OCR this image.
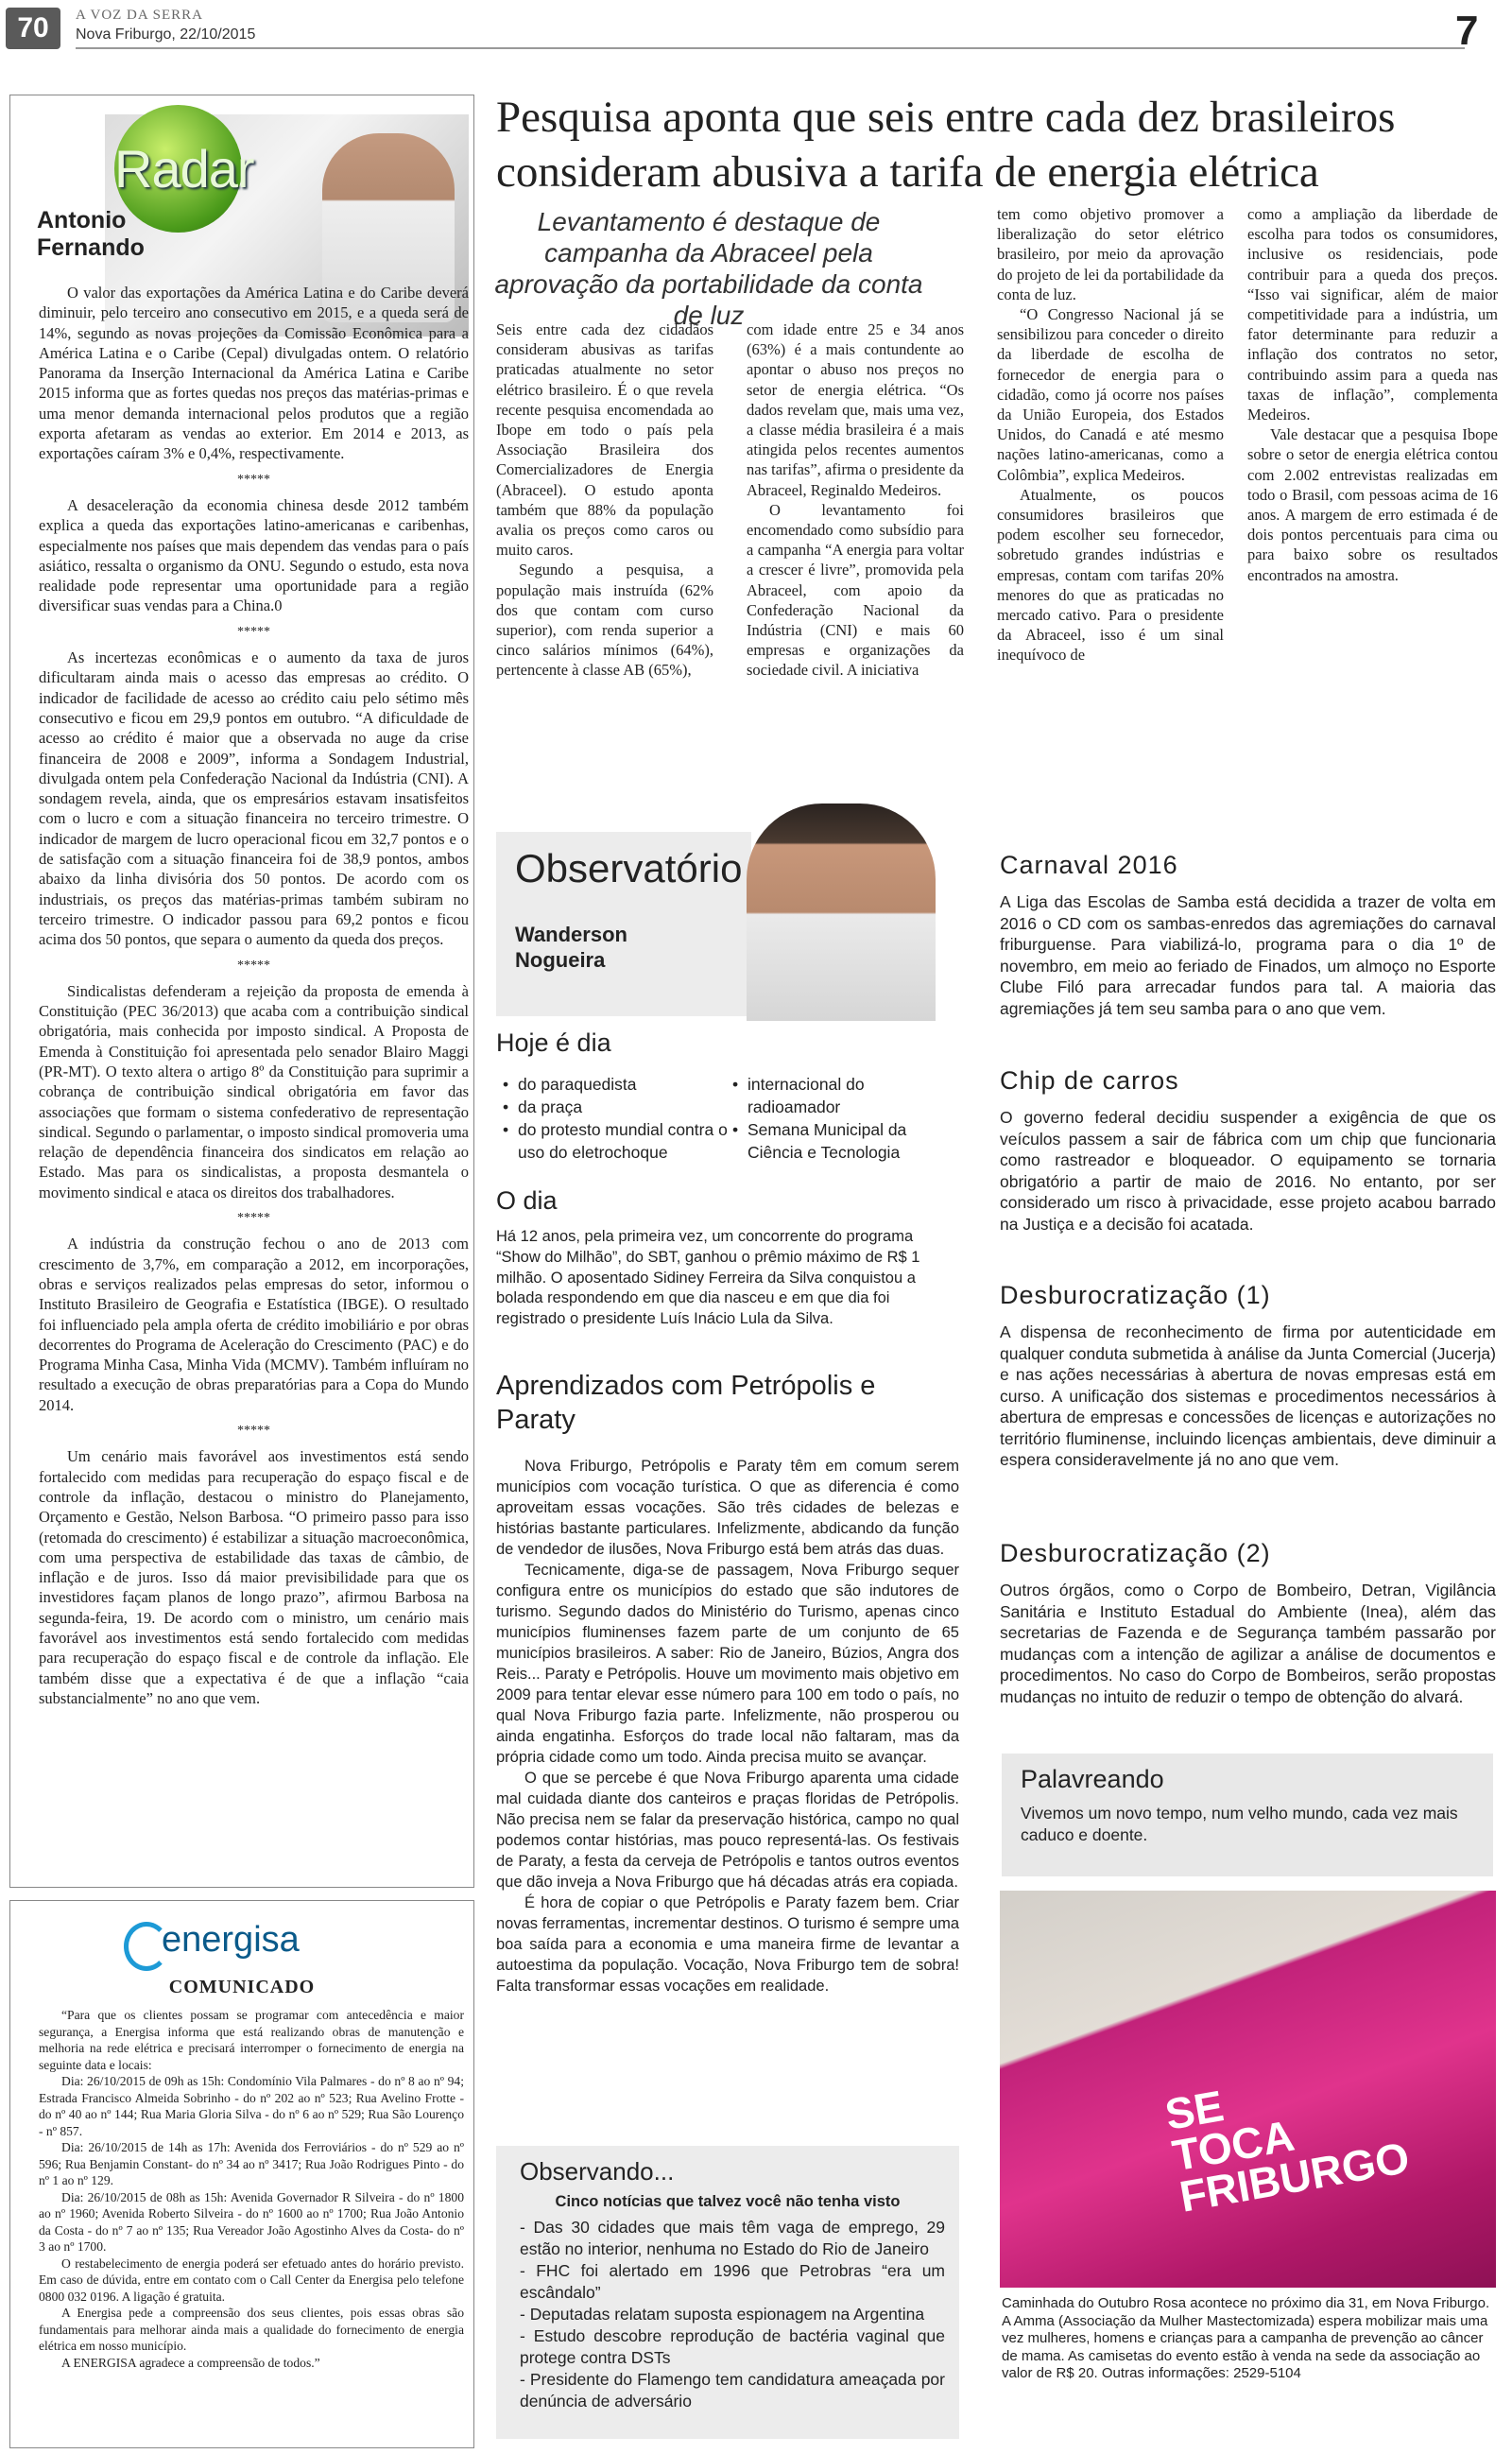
70	A VOZ DA SERRA
Nova Friburgo, 22/10/2015	7
Radar
Antonio Fernando

O valor das exportações da América Latina e do Caribe deverá diminuir, pelo terceiro ano consecutivo em 2015, e a queda será de 14%, segundo as novas projeções da Comissão Econômica para a América Latina e o Caribe (Cepal) divulgadas ontem. O relatório Panorama da Inserção Internacional da América Latina e Caribe 2015 informa que as fortes quedas nos preços das matérias-primas e uma menor demanda internacional pelos produtos que a região exporta afetaram as vendas ao exterior. Em 2014 e 2013, as exportações caíram 3% e 0,4%, respectivamente.

*****

A desaceleração da economia chinesa desde 2012 também explica a queda das exportações latino-americanas e caribenhas, especialmente nos países que mais dependem das vendas para o país asiático, ressalta o organismo da ONU. Segundo o estudo, esta nova realidade pode representar uma oportunidade para a região diversificar suas vendas para a China.0

*****

As incertezas econômicas e o aumento da taxa de juros dificultaram ainda mais o acesso das empresas ao crédito. O indicador de facilidade de acesso ao crédito caiu pelo sétimo mês consecutivo e ficou em 29,9 pontos em outubro. “A dificuldade de acesso ao crédito é maior que a observada no auge da crise financeira de 2008 e 2009”, informa a Sondagem Industrial, divulgada ontem pela Confederação Nacional da Indústria (CNI). A sondagem revela, ainda, que os empresários estavam insatisfeitos com o lucro e com a situação financeira no terceiro trimestre. O indicador de margem de lucro operacional ficou em 32,7 pontos e o de satisfação com a situação financeira foi de 38,9 pontos, ambos abaixo da linha divisória dos 50 pontos. De acordo com os industriais, os preços das matérias-primas também subiram no terceiro trimestre. O indicador passou para 69,2 pontos e ficou acima dos 50 pontos, que separa o aumento da queda dos preços.

*****

Sindicalistas defenderam a rejeição da proposta de emenda à Constituição (PEC 36/2013) que acaba com a contribuição sindical obrigatória, mais conhecida por imposto sindical. A Proposta de Emenda à Constituição foi apresentada pelo senador Blairo Maggi (PR-MT). O texto altera o artigo 8º da Constituição para suprimir a cobrança de contribuição sindical obrigatória em favor das associações que formam o sistema confederativo de representação sindical. Segundo o parlamentar, o imposto sindical promoveria uma relação de dependência financeira dos sindicatos em relação ao Estado. Mas para os sindicalistas, a proposta desmantela o movimento sindical e ataca os direitos dos trabalhadores.

*****

A indústria da construção fechou o ano de 2013 com crescimento de 3,7%, em comparação a 2012, em incorporações, obras e serviços realizados pelas empresas do setor, informou o Instituto Brasileiro de Geografia e Estatística (IBGE). O resultado foi influenciado pela ampla oferta de crédito imobiliário e por obras decorrentes do Programa de Aceleração do Crescimento (PAC) e do Programa Minha Casa, Minha Vida (MCMV). Também influíram no resultado a execução de obras preparatórias para a Copa do Mundo 2014.

*****

Um cenário mais favorável aos investimentos está sendo fortalecido com medidas para recuperação do espaço fiscal e de controle da inflação, destacou o ministro do Planejamento, Orçamento e Gestão, Nelson Barbosa. “O primeiro passo para isso (retomada do crescimento) é estabilizar a situação macroeconômica, com uma perspectiva de estabilidade das taxas de câmbio, de inflação e de juros. Isso dá maior previsibilidade para que os investidores façam planos de longo prazo”, afirmou Barbosa na segunda-feira, 19. De acordo com o ministro, um cenário mais favorável aos investimentos está sendo fortalecido com medidas para recuperação do espaço fiscal e de controle da inflação. Ele também disse que a expectativa é de que a inflação “caia substancialmente” no ano que vem.

energisa
COMUNICADO

“Para que os clientes possam se programar com antecedência e maior segurança, a Energisa informa que está realizando obras de manutenção e melhoria na rede elétrica e precisará interromper o fornecimento de energia na seguinte data e locais:

Dia: 26/10/2015 de 09h as 15h: Condomínio Vila Palmares - do nº 8 ao nº 94; Estrada Francisco Almeida Sobrinho - do nº 202 ao nº 523; Rua Avelino Frotte - do nº 40 ao nº 144; Rua Maria Gloria Silva - do nº 6 ao nº 529; Rua São Lourenço - nº 857.

Dia: 26/10/2015 de 14h as 17h: Avenida dos Ferroviários - do nº 529 ao nº 596; Rua Benjamin Constant- do nº 34 ao nº 3417; Rua João Rodrigues Pinto - do nº 1 ao nº 129.

Dia: 26/10/2015 de 08h as 15h: Avenida Governador R Silveira - do nº 1800 ao nº 1960; Avenida Roberto Silveira - do nº 1600 ao nº 1700; Rua João Antonio da Costa - do nº 7 ao nº 135; Rua Vereador João Agostinho Alves da Costa- do nº 3 ao nº 1700.

O restabelecimento de energia poderá ser efetuado antes do horário previsto. Em caso de dúvida, entre em contato com o Call Center da Energisa pelo telefone 0800 032 0196. A ligação é gratuita.

A Energisa pede a compreensão dos seus clientes, pois essas obras são fundamentais para melhorar ainda mais a qualidade do fornecimento de energia elétrica em nosso município.

A ENERGISA agradece a compreensão de todos.”

Pesquisa aponta que seis entre cada dez brasileiros consideram abusiva a tarifa de energia elétrica
Levantamento é destaque de campanha da Abraceel pela aprovação da portabilidade da conta de luz

Seis entre cada dez cidadãos consideram abusivas as tarifas praticadas atualmente no setor elétrico brasileiro. É o que revela recente pesquisa encomendada ao Ibope em todo o país pela Associação Brasileira dos Comercializadores de Energia (Abraceel). O estudo aponta também que 88% da população avalia os preços como caros ou muito caros.

Segundo a pesquisa, a população mais instruída (62% dos que contam com curso superior), com renda superior a cinco salários mínimos (64%), pertencente à classe AB (65%),

com idade entre 25 e 34 anos (63%) é a mais contundente ao apontar o abuso nos preços no setor de energia elétrica. “Os dados revelam que, mais uma vez, a classe média brasileira é a mais atingida pelos recentes aumentos nas tarifas”, afirma o presidente da Abraceel, Reginaldo Medeiros.

O levantamento foi encomendado como subsídio para a campanha “A energia para voltar a crescer é livre”, promovida pela Abraceel, com apoio da Confederação Nacional da Indústria (CNI) e mais 60 empresas e organizações da sociedade civil. A iniciativa

tem como objetivo promover a liberalização do setor elétrico brasileiro, por meio da aprovação do projeto de lei da portabilidade da conta de luz.

“O Congresso Nacional já se sensibilizou para conceder o direito da liberdade de escolha de fornecedor de energia para o cidadão, como já ocorre nos países da União Europeia, dos Estados Unidos, do Canadá e até mesmo nações latino-americanas, como a Colômbia”, explica Medeiros.

Atualmente, os poucos consumidores brasileiros que podem escolher seu fornecedor, sobretudo grandes indústrias e empresas, contam com tarifas 20% menores do que as praticadas no mercado cativo. Para o presidente da Abraceel, isso é um sinal inequívoco de

como a ampliação da liberdade de escolha para todos os consumidores, inclusive os residenciais, pode contribuir para a queda dos preços. “Isso vai significar, além de maior competitividade para a indústria, um fator determinante para reduzir a inflação dos contratos no setor, contribuindo assim para a queda nas taxas de inflação”, complementa Medeiros.

Vale destacar que a pesquisa Ibope sobre o setor de energia elétrica contou com 2.002 entrevistas realizadas em todo o Brasil, com pessoas acima de 16 anos. A margem de erro estimada é de dois pontos percentuais para cima ou para baixo sobre os resultados encontrados na amostra.

Observatório
Wanderson Nogueira
Hoje é dia
• do paraquedista
• da praça
• do protesto mundial contra o uso do eletrochoque
• internacional do radioamador
• Semana Municipal da Ciência e Tecnologia
O dia
Há 12 anos, pela primeira vez, um concorrente do programa “Show do Milhão”, do SBT, ganhou o prêmio máximo de R$ 1 milhão. O aposentado Sidiney Ferreira da Silva conquistou a bolada respondendo em que dia nasceu e em que dia foi registrado o presidente Luís Inácio Lula da Silva.
Aprendizados com Petrópolis e Paraty

Nova Friburgo, Petrópolis e Paraty têm em comum serem municípios com vocação turística. O que as diferencia é como aproveitam essas vocações. São três cidades de belezas e histórias bastante particulares. Infelizmente, abdicando da função de vendedor de ilusões, Nova Friburgo está bem atrás das duas.

Tecnicamente, diga-se de passagem, Nova Friburgo sequer configura entre os municípios do estado que são indutores de turismo. Segundo dados do Ministério do Turismo, apenas cinco municípios fluminenses fazem parte de um conjunto de 65 municípios brasileiros. A saber: Rio de Janeiro, Búzios, Angra dos Reis... Paraty e Petrópolis. Houve um movimento mais objetivo em 2009 para tentar elevar esse número para 100 em todo o país, no qual Nova Friburgo fazia parte. Infelizmente, não prosperou ou ainda engatinha. Esforços do trade local não faltaram, mas da própria cidade como um todo. Ainda precisa muito se avançar.

O que se percebe é que Nova Friburgo aparenta uma cidade mal cuidada diante dos canteiros e praças floridas de Petrópolis. Não precisa nem se falar da preservação histórica, campo no qual podemos contar histórias, mas pouco representá-las. Os festivais de Paraty, a festa da cerveja de Petrópolis e tantos outros eventos que dão inveja a Nova Friburgo que há décadas atrás era copiada.

É hora de copiar o que Petrópolis e Paraty fazem bem. Criar novas ferramentas, incrementar destinos. O turismo é sempre uma boa saída para a economia e uma maneira firme de levantar a autoestima da população. Vocação, Nova Friburgo tem de sobra! Falta transformar essas vocações em realidade.

Observando...
Cinco notícias que talvez você não tenha visto
- Das 30 cidades que mais têm vaga de emprego, 29 estão no interior, nenhuma no Estado do Rio de Janeiro
- FHC foi alertado em 1996 que Petrobras “era um escândalo”
- Deputadas relatam suposta espionagem na Argentina
- Estudo descobre reprodução de bactéria vaginal que protege contra DSTs
- Presidente do Flamengo tem candidatura ameaçada por denúncia de adversário
Carnaval 2016
A Liga das Escolas de Samba está decidida a trazer de volta em 2016 o CD com os sambas-enredos das agremiações do carnaval friburguense. Para viabilizá-lo, programa para o dia 1º de novembro, em meio ao feriado de Finados, um almoço no Esporte Clube Filó para arrecadar fundos para tal. A maioria das agremiações já tem seu samba para o ano que vem.
Chip de carros
O governo federal decidiu suspender a exigência de que os veículos passem a sair de fábrica com um chip que funcionaria como rastreador e bloqueador. O equipamento se tornaria obrigatório a partir de maio de 2016. No entanto, por ser considerado um risco à privacidade, esse projeto acabou barrado na Justiça e a decisão foi acatada.
Desburocratização (1)
A dispensa de reconhecimento de firma por autenticidade em qualquer conduta submetida à análise da Junta Comercial (Jucerja) e nas ações necessárias à abertura de novas empresas está em curso. A unificação dos sistemas e procedimentos necessários à abertura de empresas e concessões de licenças e autorizações no território fluminense, incluindo licenças ambientais, deve diminuir a espera consideravelmente já no ano que vem.
Desburocratização (2)
Outros órgãos, como o Corpo de Bombeiro, Detran, Vigilância Sanitária e Instituto Estadual do Ambiente (Inea), além das secretarias de Fazenda e de Segurança também passarão por mudanças com a intenção de agilizar a análise de documentos e procedimentos. No caso do Corpo de Bombeiros, serão propostas mudanças no intuito de reduzir o tempo de obtenção do alvará.
Palavreando
Vivemos um novo tempo, num velho mundo, cada vez mais caduco e doente.
SE TOCA FRIBURGO
Caminhada do Outubro Rosa acontece no próximo dia 31, em Nova Friburgo. A Amma (Associação da Mulher Mastectomizada) espera mobilizar mais uma vez mulheres, homens e crianças para a campanha de prevenção ao câncer de mama. As camisetas do evento estão à venda na sede da associação ao valor de R$ 20. Outras informações: 2529-5104
